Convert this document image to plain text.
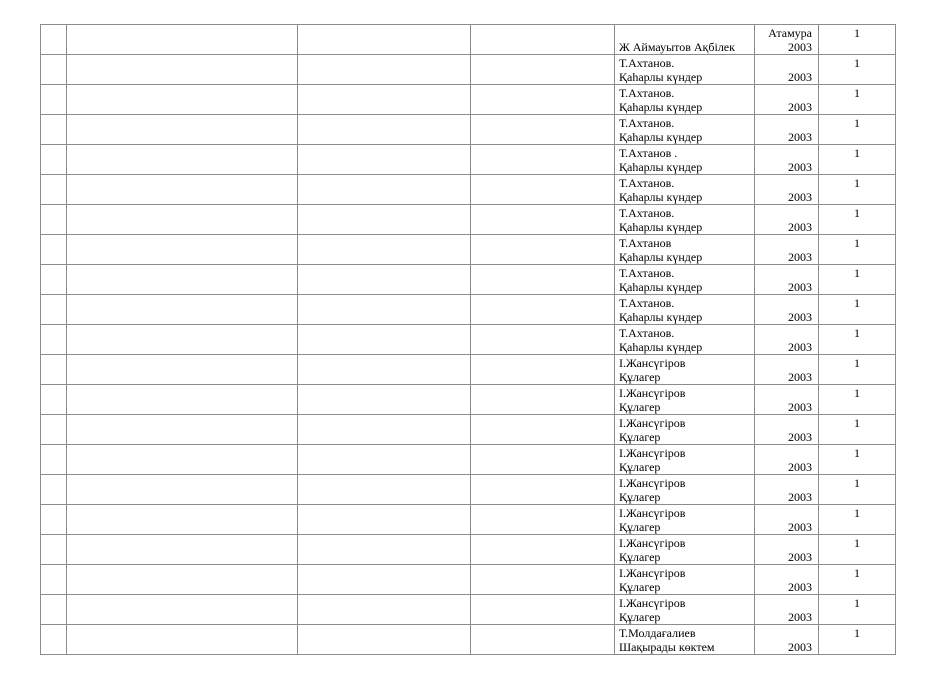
				Ж Аймауытов Ақбілек	Атамура
2003	1

				Т.Ахтанов.
Қаһарлы күндер	2003	1

				Т.Ахтанов.
Қаһарлы күндер	2003	1

				Т.Ахтанов.
Қаһарлы күндер	2003	1

				Т.Ахтанов .
Қаһарлы күндер	2003	1

				Т.Ахтанов.
Қаһарлы күндер	2003	1

				Т.Ахтанов.
Қаһарлы күндер	2003	1

				Т.Ахтанов
Қаһарлы күндер	2003	1

				Т.Ахтанов.
Қаһарлы күндер	2003	1

				Т.Ахтанов.
Қаһарлы күндер	2003	1

				Т.Ахтанов.
Қаһарлы күндер	2003	1

				І.Жансүгіров
Құлагер	2003	1

				І.Жансүгіров
Құлагер	2003	1

				І.Жансүгіров
Құлагер	2003	1

				І.Жансүгіров
Құлагер	2003	1

				І.Жансүгіров
Құлагер	2003	1

				І.Жансүгіров
Құлагер	2003	1

				І.Жансүгіров
Құлагер	2003	1

				І.Жансүгіров
Құлагер	2003	1

				І.Жансүгіров
Құлагер	2003	1

				Т.Молдағалиев
Шақырады көктем	2003	1
